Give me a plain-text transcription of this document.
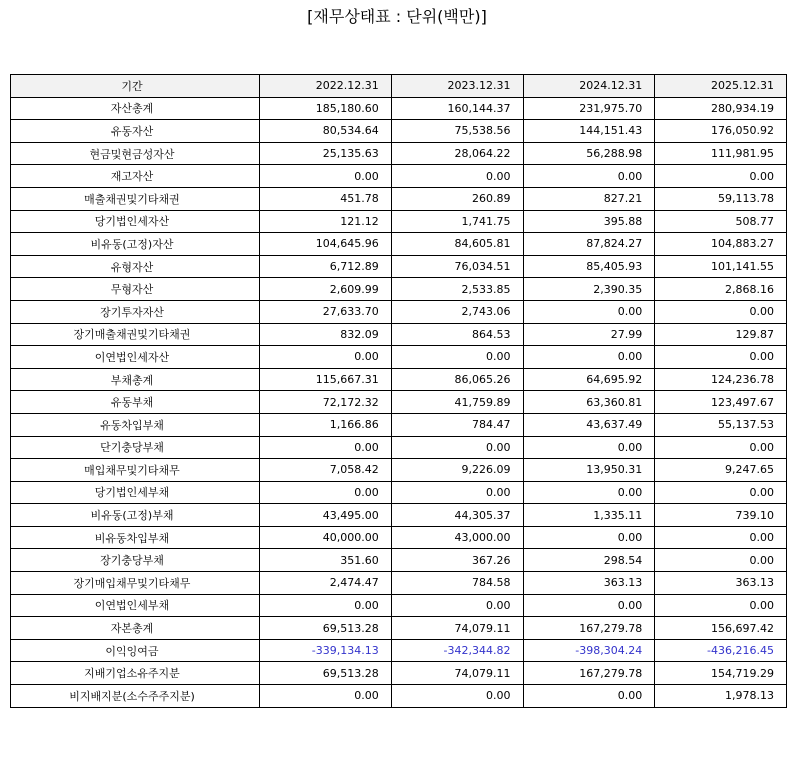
[재무상태표 : 단위(백만)]
기간	2022.12.31	2023.12.31	2024.12.31	2025.12.31
자산총계	185,180.60	160,144.37	231,975.70	280,934.19
유동자산	80,534.64	75,538.56	144,151.43	176,050.92
현금및현금성자산	25,135.63	28,064.22	56,288.98	111,981.95
재고자산	0.00	0.00	0.00	0.00
매출채권및기타채권	451.78	260.89	827.21	59,113.78
당기법인세자산	121.12	1,741.75	395.88	508.77
비유동(고정)자산	104,645.96	84,605.81	87,824.27	104,883.27
유형자산	6,712.89	76,034.51	85,405.93	101,141.55
무형자산	2,609.99	2,533.85	2,390.35	2,868.16
장기투자자산	27,633.70	2,743.06	0.00	0.00
장기매출채권및기타채권	832.09	864.53	27.99	129.87
이연법인세자산	0.00	0.00	0.00	0.00
부채총계	115,667.31	86,065.26	64,695.92	124,236.78
유동부채	72,172.32	41,759.89	63,360.81	123,497.67
유동차입부채	1,166.86	784.47	43,637.49	55,137.53
단기충당부채	0.00	0.00	0.00	0.00
매입채무및기타채무	7,058.42	9,226.09	13,950.31	9,247.65
당기법인세부채	0.00	0.00	0.00	0.00
비유동(고정)부채	43,495.00	44,305.37	1,335.11	739.10
비유동차입부채	40,000.00	43,000.00	0.00	0.00
장기충당부채	351.60	367.26	298.54	0.00
장기매입채무및기타채무	2,474.47	784.58	363.13	363.13
이연법인세부채	0.00	0.00	0.00	0.00
자본총계	69,513.28	74,079.11	167,279.78	156,697.42
이익잉여금	-339,134.13	-342,344.82	-398,304.24	-436,216.45
지배기업소유주지분	69,513.28	74,079.11	167,279.78	154,719.29
비지배지분(소수주주지분)	0.00	0.00	0.00	1,978.13
